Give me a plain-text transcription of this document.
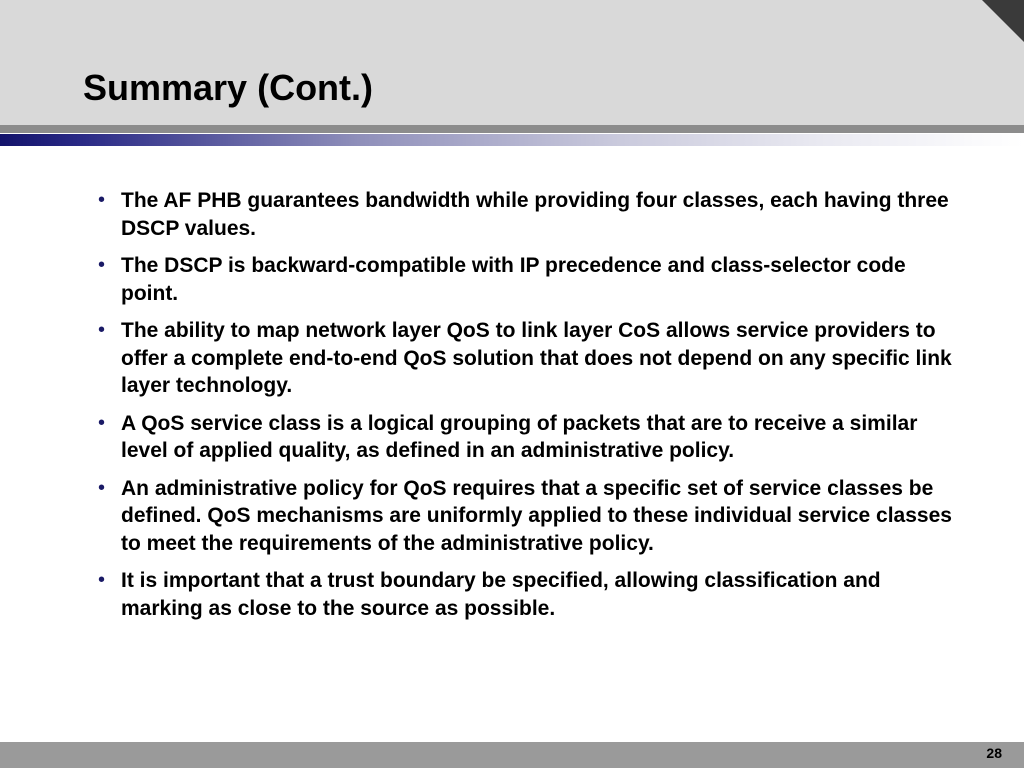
Summary (Cont.)
• The AF PHB guarantees bandwidth while providing four classes, each having three DSCP values.
• The DSCP is backward-compatible with IP precedence and class-selector code point.
• The ability to map network layer QoS to link layer CoS allows service providers to offer a complete end-to-end QoS solution that does not depend on any specific link layer technology.
• A QoS service class is a logical grouping of packets that are to receive a similar level of applied quality, as defined in an administrative policy.
• An administrative policy for QoS requires that a specific set of service classes be defined. QoS mechanisms are uniformly applied to these individual service classes to meet the requirements of the administrative policy.
• It is important that a trust boundary be specified, allowing classification and marking as close to the source as possible.
28
